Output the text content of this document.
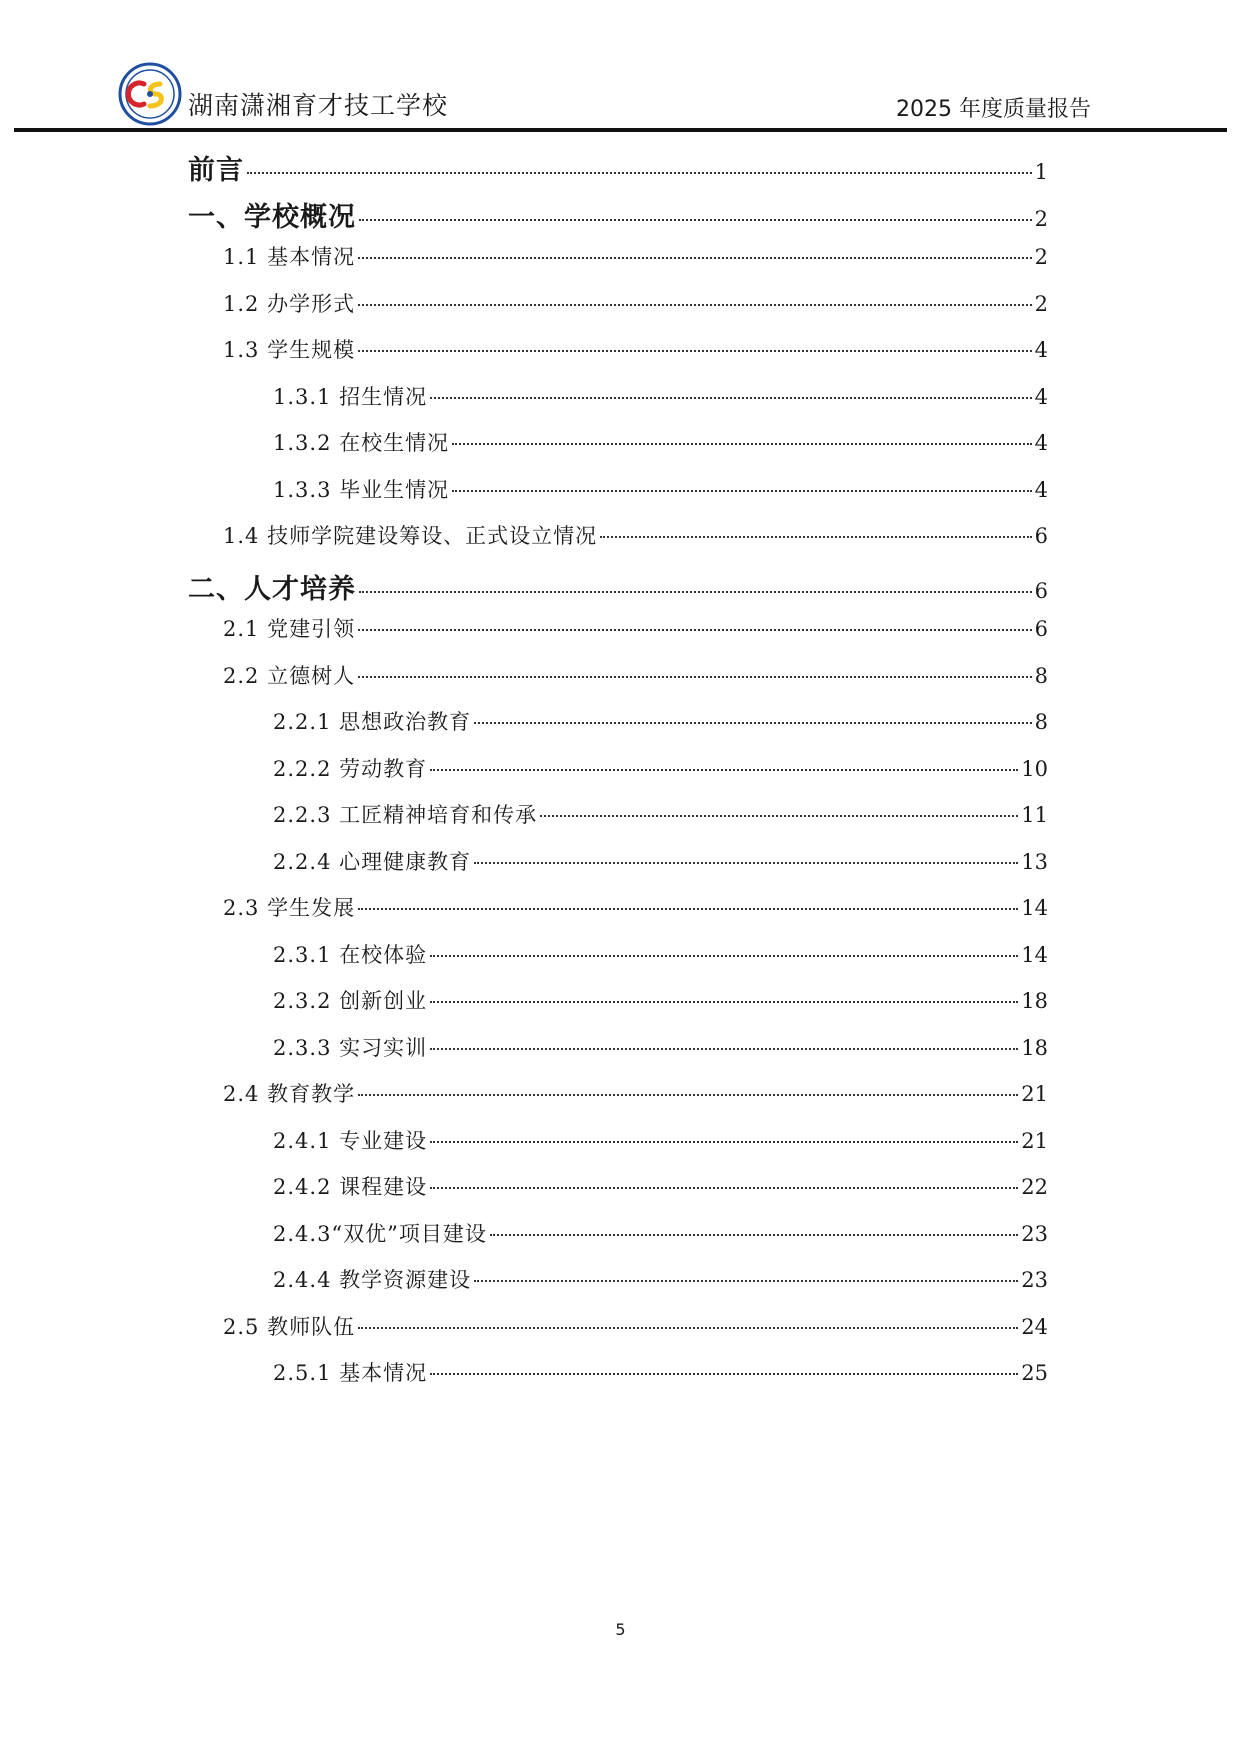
湖南潇湘育才技工学校	2025 年度质量报告
前言	1
一、学校概况	2
1.1 基本情况	2
1.2 办学形式	2
1.3 学生规模	4
1.3.1 招生情况	4
1.3.2 在校生情况	4
1.3.3 毕业生情况	4
1.4 技师学院建设筹设、正式设立情况	6
二、人才培养	6
2.1 党建引领	6
2.2 立德树人	8
2.2.1 思想政治教育	8
2.2.2 劳动教育	10
2.2.3 工匠精神培育和传承	11
2.2.4 心理健康教育	13
2.3 学生发展	14
2.3.1 在校体验	14
2.3.2 创新创业	18
2.3.3 实习实训	18
2.4 教育教学	21
2.4.1 专业建设	21
2.4.2 课程建设	22
2.4.3“双优”项目建设	23
2.4.4 教学资源建设	23
2.5 教师队伍	24
2.5.1 基本情况	25
5
